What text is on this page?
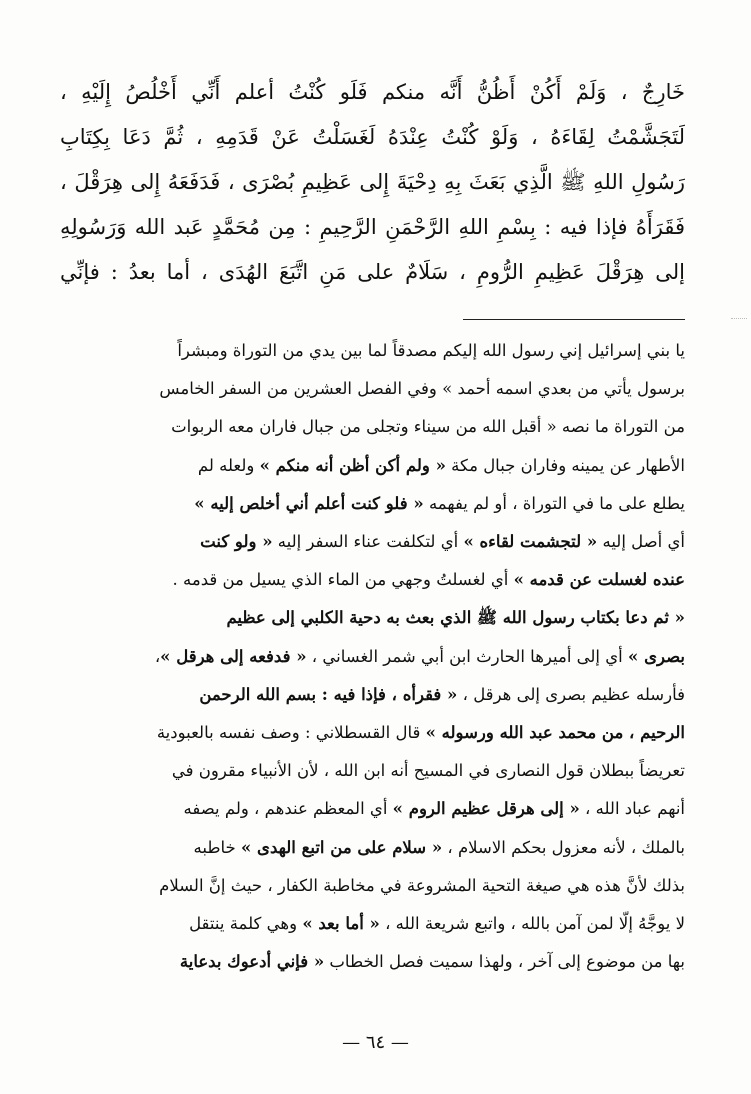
خَارِجٌ ، وَلَمْ أَكُنْ أَظُنُّ أَنَّه منكم فَلَو كُنْتُ أعلم أَنِّي أَخْلُصُ إِلَيْهِ ،
لَتَجَشَّمْتُ لِقَاءَهُ ، وَلَوْ كُنْتُ عِنْدَهُ لَغَسَلْتُ عَنْ قَدَمِهِ ، ثُمَّ دَعَا بِكِتَابِ
رَسُولِ اللهِ ﷺ الَّذِي بَعَثَ بِهِ دِحْيَةَ إِلى عَظِيمِ بُصْرَى ، فَدَفَعَهُ إِلى هِرَقْلَ ،
فَقَرَأَهُ فإذا فيه : بِسْمِ اللهِ الرَّحْمَنِ الرَّحِيمِ : مِن مُحَمَّدٍ عَبد الله وَرَسُولِهِ
إلى هِرَقْلَ عَظِيمِ الرُّومِ ، سَلَامٌ على مَنِ اتَّبَعَ الهُدَى ، أما بعدُ : فإنِّي
يا بني إسرائيل إني رسول الله إليكم مصدقاً لما بين يدي من التوراة ومبشراً
برسول يأتي من بعدي اسمه أحمد » وفي الفصل العشرين من السفر الخامس
من التوراة ما نصه « أقبل الله من سيناء وتجلى من جبال فاران معه الربوات
الأطهار عن يمينه وفاران جبال مكة « ولم أكن أظن أنه منكم » ولعله لم
يطلع على ما في التوراة ، أو لم يفهمه « فلو كنت أعلم أني أخلص إليه »
أي أصل إليه « لتجشمت لقاءه » أي لتكلفت عناء السفر إليه « ولو كنت
عنده لغسلت عن قدمه » أي لغسلتُ وجهي من الماء الذي يسيل من قدمه .
« ثم دعا بكتاب رسول الله ﷺ الذي بعث به دحية الكلبي إلى عظيم
بصرى » أي إلى أميرها الحارث ابن أبي شمر الغساني ، « فدفعه إلى هرقل »،
فأرسله عظيم بصرى إلى هرقل ، « فقرأه ، فإذا فيه : بسم الله الرحمن
الرحيم ، من محمد عبد الله ورسوله » قال القسطلاني : وصف نفسه بالعبودية
تعريضاً ببطلان قول النصارى في المسيح أنه ابن الله ، لأن الأنبياء مقرون في
أنهم عباد الله ، « إلى هرقل عظيم الروم » أي المعظم عندهم ، ولم يصفه
بالملك ، لأنه معزول بحكم الاسلام ، « سلام على من اتبع الهدى » خاطبه
بذلك لأنَّ هذه هي صيغة التحية المشروعة في مخاطبة الكفار ، حيث إنَّ السلام
لا يوجَّهُ إلّا لمن آمن بالله ، واتبع شريعة الله ، « أما بعد » وهي كلمة ينتقل
بها من موضوع إلى آخر ، ولهذا سميت فصل الخطاب « فإني أدعوك بدعاية
— ٦٤ —
